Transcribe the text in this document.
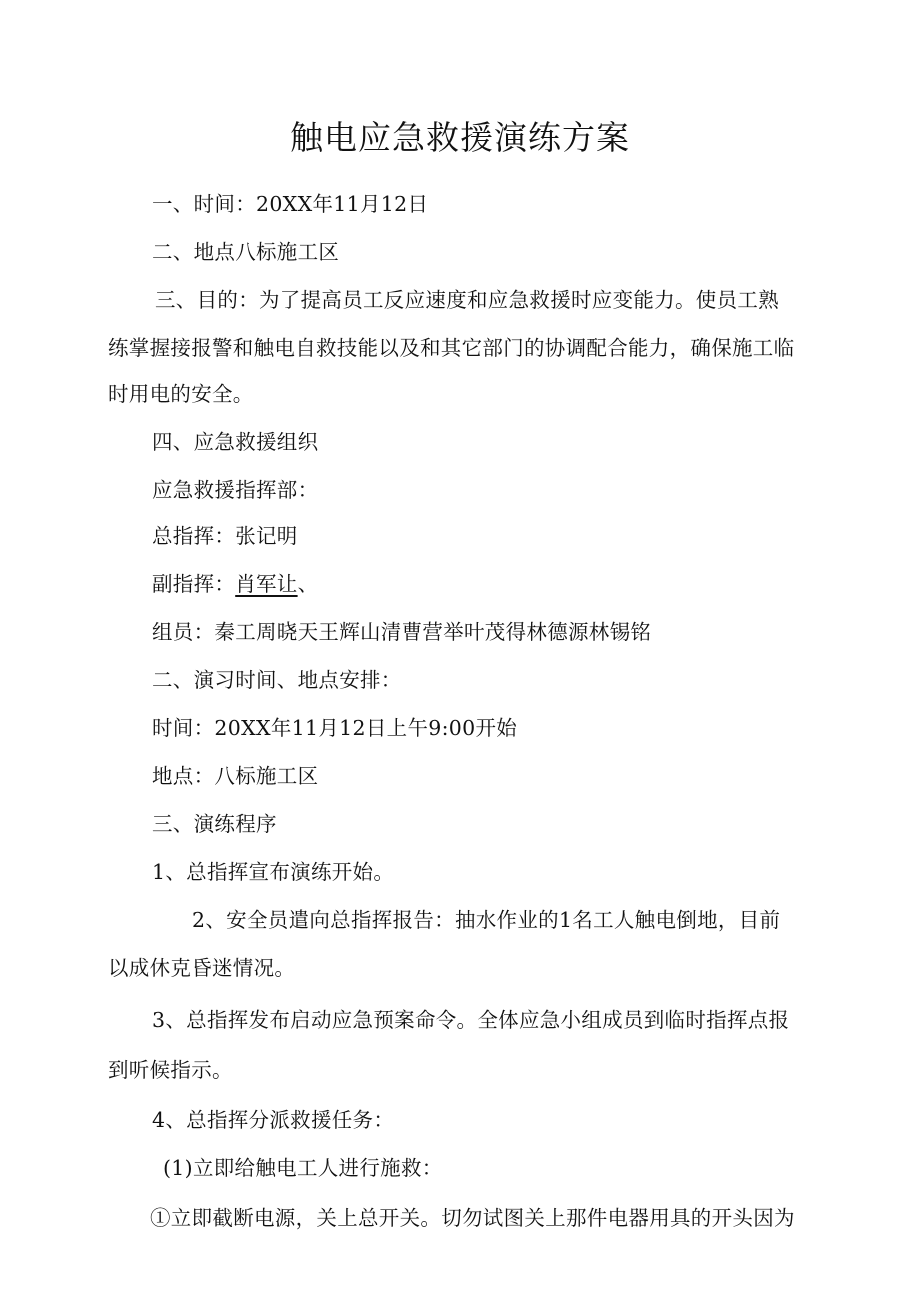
触电应急救援演练方案
一、时间：20XX年11月12日
二、地点八标施工区
三、目的：为了提高员工反应速度和应急救援时应变能力。使员工熟
练掌握接报警和触电自救技能以及和其它部门的协调配合能力，确保施工临
时用电的安全。
四、应急救援组织
应急救援指挥部：
总指挥：张记明
副指挥：肖军让、
组员：秦工周晓天王辉山清曹营举叶茂得林德源林锡铭
二、演习时间、地点安排：
时间：20XX年11月12日上午9:00开始
地点：八标施工区
三、演练程序
1、总指挥宣布演练开始。
2、安全员遣向总指挥报告：抽水作业的1名工人触电倒地，目前
以成休克昏迷情况。
3、总指挥发布启动应急预案命令。全体应急小组成员到临时指挥点报
到听候指示。
4、总指挥分派救援任务：
(1)立即给触电工人进行施救：
①立即截断电源，关上总开关。切勿试图关上那件电器用具的开头因为
